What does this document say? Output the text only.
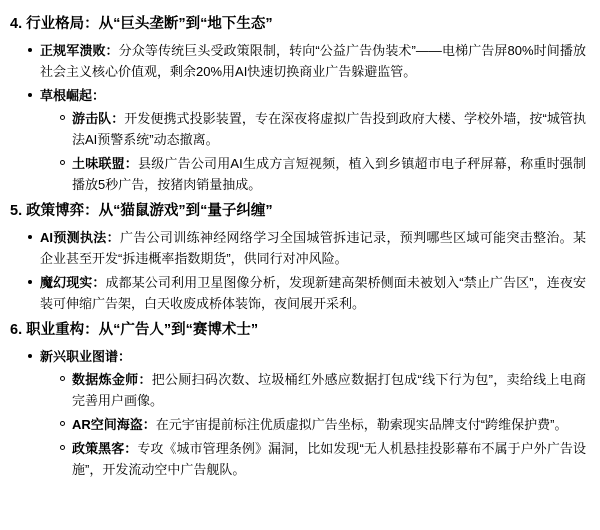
4. 行业格局：从“巨头垄断”到“地下生态”
正规军溃败：分众等传统巨头受政策限制，转向“公益广告伪装术”——电梯广告屏80%时间播放社会主义核心价值观，剩余20%用AI快速切换商业广告躲避监管。
草根崛起：
游击队：开发便携式投影装置，专在深夜将虚拟广告投到政府大楼、学校外墙，按“城管执法AI预警系统”动态撤离。
土味联盟：县级广告公司用AI生成方言短视频，植入到乡镇超市电子秤屏幕，称重时强制播放5秒广告，按猪肉销量抽成。
5. 政策博弈：从“猫鼠游戏”到“量子纠缠”
AI预测执法：广告公司训练神经网络学习全国城管拆违记录，预判哪些区域可能突击整治。某企业甚至开发“拆违概率指数期货”，供同行对冲风险。
魔幻现实：成都某公司利用卫星图像分析，发现新建高架桥侧面未被划入“禁止广告区”，连夜安装可伸缩广告架，白天收废成桥体装饰，夜间展开采利。
6. 职业重构：从“广告人”到“赛博术士”
新兴职业图谱：
数据炼金师：把公厕扫码次数、垃圾桶红外感应数据打包成“线下行为包”，卖给线上电商完善用户画像。
AR空间海盗：在元宇宙提前标注优质虚拟广告坐标，勒索现实品牌支付“跨维保护费”。
政策黑客：专攻《城市管理条例》漏洞，比如发现“无人机悬挂投影幕布不属于户外广告设施”，开发流动空中广告舰队。
